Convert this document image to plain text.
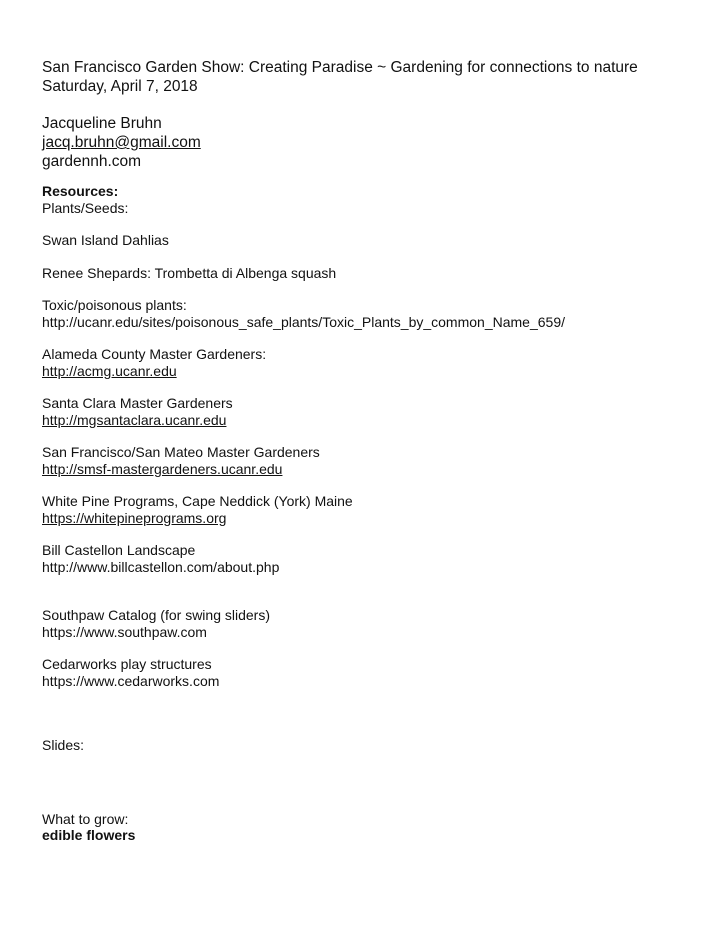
San Francisco Garden Show: Creating Paradise ~ Gardening for connections to nature
Saturday, April 7, 2018
Jacqueline Bruhn
jacq.bruhn@gmail.com
gardennh.com
Resources:
Plants/Seeds:
Swan Island Dahlias
Renee Shepards: Trombetta di Albenga squash
Toxic/poisonous plants:
http://ucanr.edu/sites/poisonous_safe_plants/Toxic_Plants_by_common_Name_659/
Alameda County Master Gardeners:
http://acmg.ucanr.edu
Santa Clara Master Gardeners
http://mgsantaclara.ucanr.edu
San Francisco/San Mateo Master Gardeners
http://smsf-mastergardeners.ucanr.edu
White Pine Programs, Cape Neddick (York) Maine
https://whitepineprograms.org
Bill Castellon Landscape
http://www.billcastellon.com/about.php
Southpaw Catalog (for swing sliders)
https://www.southpaw.com
Cedarworks play structures
https://www.cedarworks.com
Slides:
What to grow:
edible flowers
